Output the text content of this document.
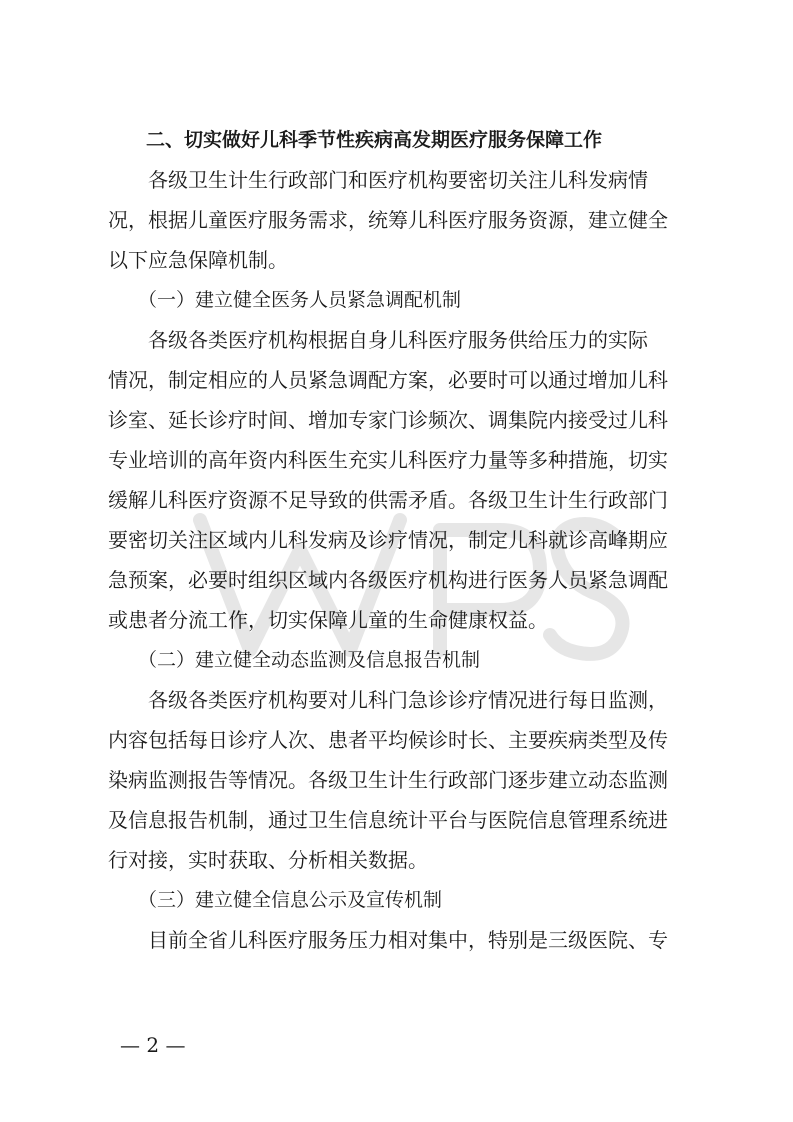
二、切实做好儿科季节性疾病高发期医疗服务保障工作
各级卫生计生行政部门和医疗机构要密切关注儿科发病情
况，根据儿童医疗服务需求，统筹儿科医疗服务资源，建立健全
以下应急保障机制。
（一）建立健全医务人员紧急调配机制
各级各类医疗机构根据自身儿科医疗服务供给压力的实际
情况，制定相应的人员紧急调配方案，必要时可以通过增加儿科
诊室、延长诊疗时间、增加专家门诊频次、调集院内接受过儿科
专业培训的高年资内科医生充实儿科医疗力量等多种措施，切实
缓解儿科医疗资源不足导致的供需矛盾。各级卫生计生行政部门
要密切关注区域内儿科发病及诊疗情况，制定儿科就诊高峰期应
急预案，必要时组织区域内各级医疗机构进行医务人员紧急调配
或患者分流工作，切实保障儿童的生命健康权益。
（二）建立健全动态监测及信息报告机制
各级各类医疗机构要对儿科门急诊诊疗情况进行每日监测，
内容包括每日诊疗人次、患者平均候诊时长、主要疾病类型及传
染病监测报告等情况。各级卫生计生行政部门逐步建立动态监测
及信息报告机制，通过卫生信息统计平台与医院信息管理系统进
行对接，实时获取、分析相关数据。
（三）建立健全信息公示及宣传机制
目前全省儿科医疗服务压力相对集中，特别是三级医院、专
— 2 —
